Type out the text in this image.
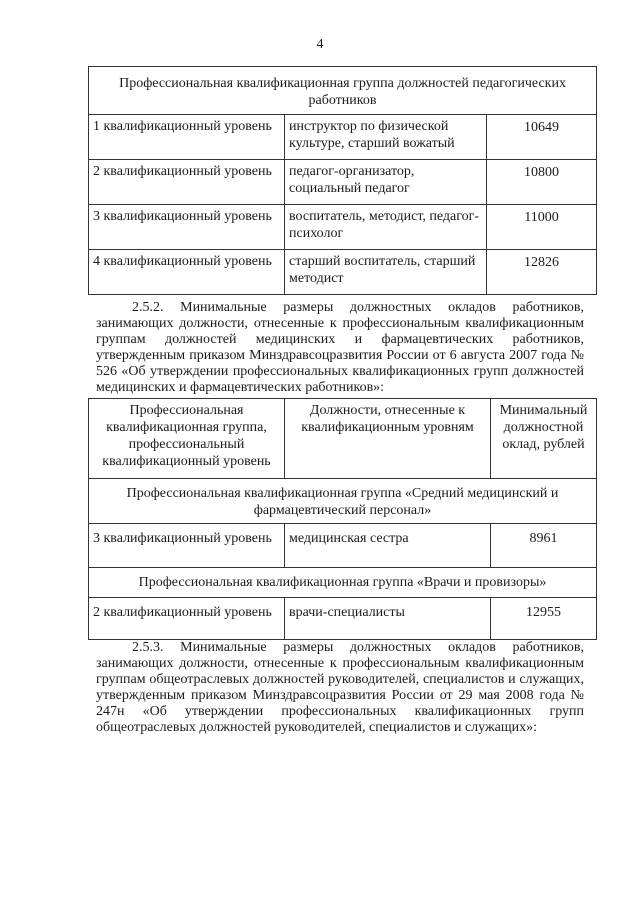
4
Профессиональная квалификационная группа должностей педагогических работников		
1 квалификационный уровень	инструктор по физической культуре, старший вожатый	10649
2 квалификационный уровень	педагог-организатор, социальный педагог	10800
3 квалификационный уровень	воспитатель, методист, педагог-психолог	11000
4 квалификационный уровень	старший воспитатель, старший методист	12826
2.5.2. Минимальные размеры должностных окладов работников, занимающих должности, отнесенные к профессиональным квалификационным группам должностей медицинских и фармацевтических работников, утвержденным приказом Минздравсоцразвития России от 6 августа 2007 года № 526 «Об утверждении профессиональных квалификационных групп должностей медицинских и фармацевтических работников»:
Профессиональная квалификационная группа, профессиональный квалификационный уровень	Должности, отнесенные к квалификационным уровням	Минимальный должностной оклад, рублей
Профессиональная квалификационная группа «Средний медицинский и фармацевтический персонал»		
3 квалификационный уровень	медицинская сестра	8961
Профессиональная квалификационная группа «Врачи и провизоры»		
2 квалификационный уровень	врачи-специалисты	12955
2.5.3. Минимальные размеры должностных окладов работников, занимающих должности, отнесенные к профессиональным квалификационным группам общеотраслевых должностей руководителей, специалистов и служащих, утвержденным приказом Минздравсоцразвития России от 29 мая 2008 года № 247н «Об утверждении профессиональных квалификационных групп общеотраслевых должностей руководителей, специалистов и служащих»:
